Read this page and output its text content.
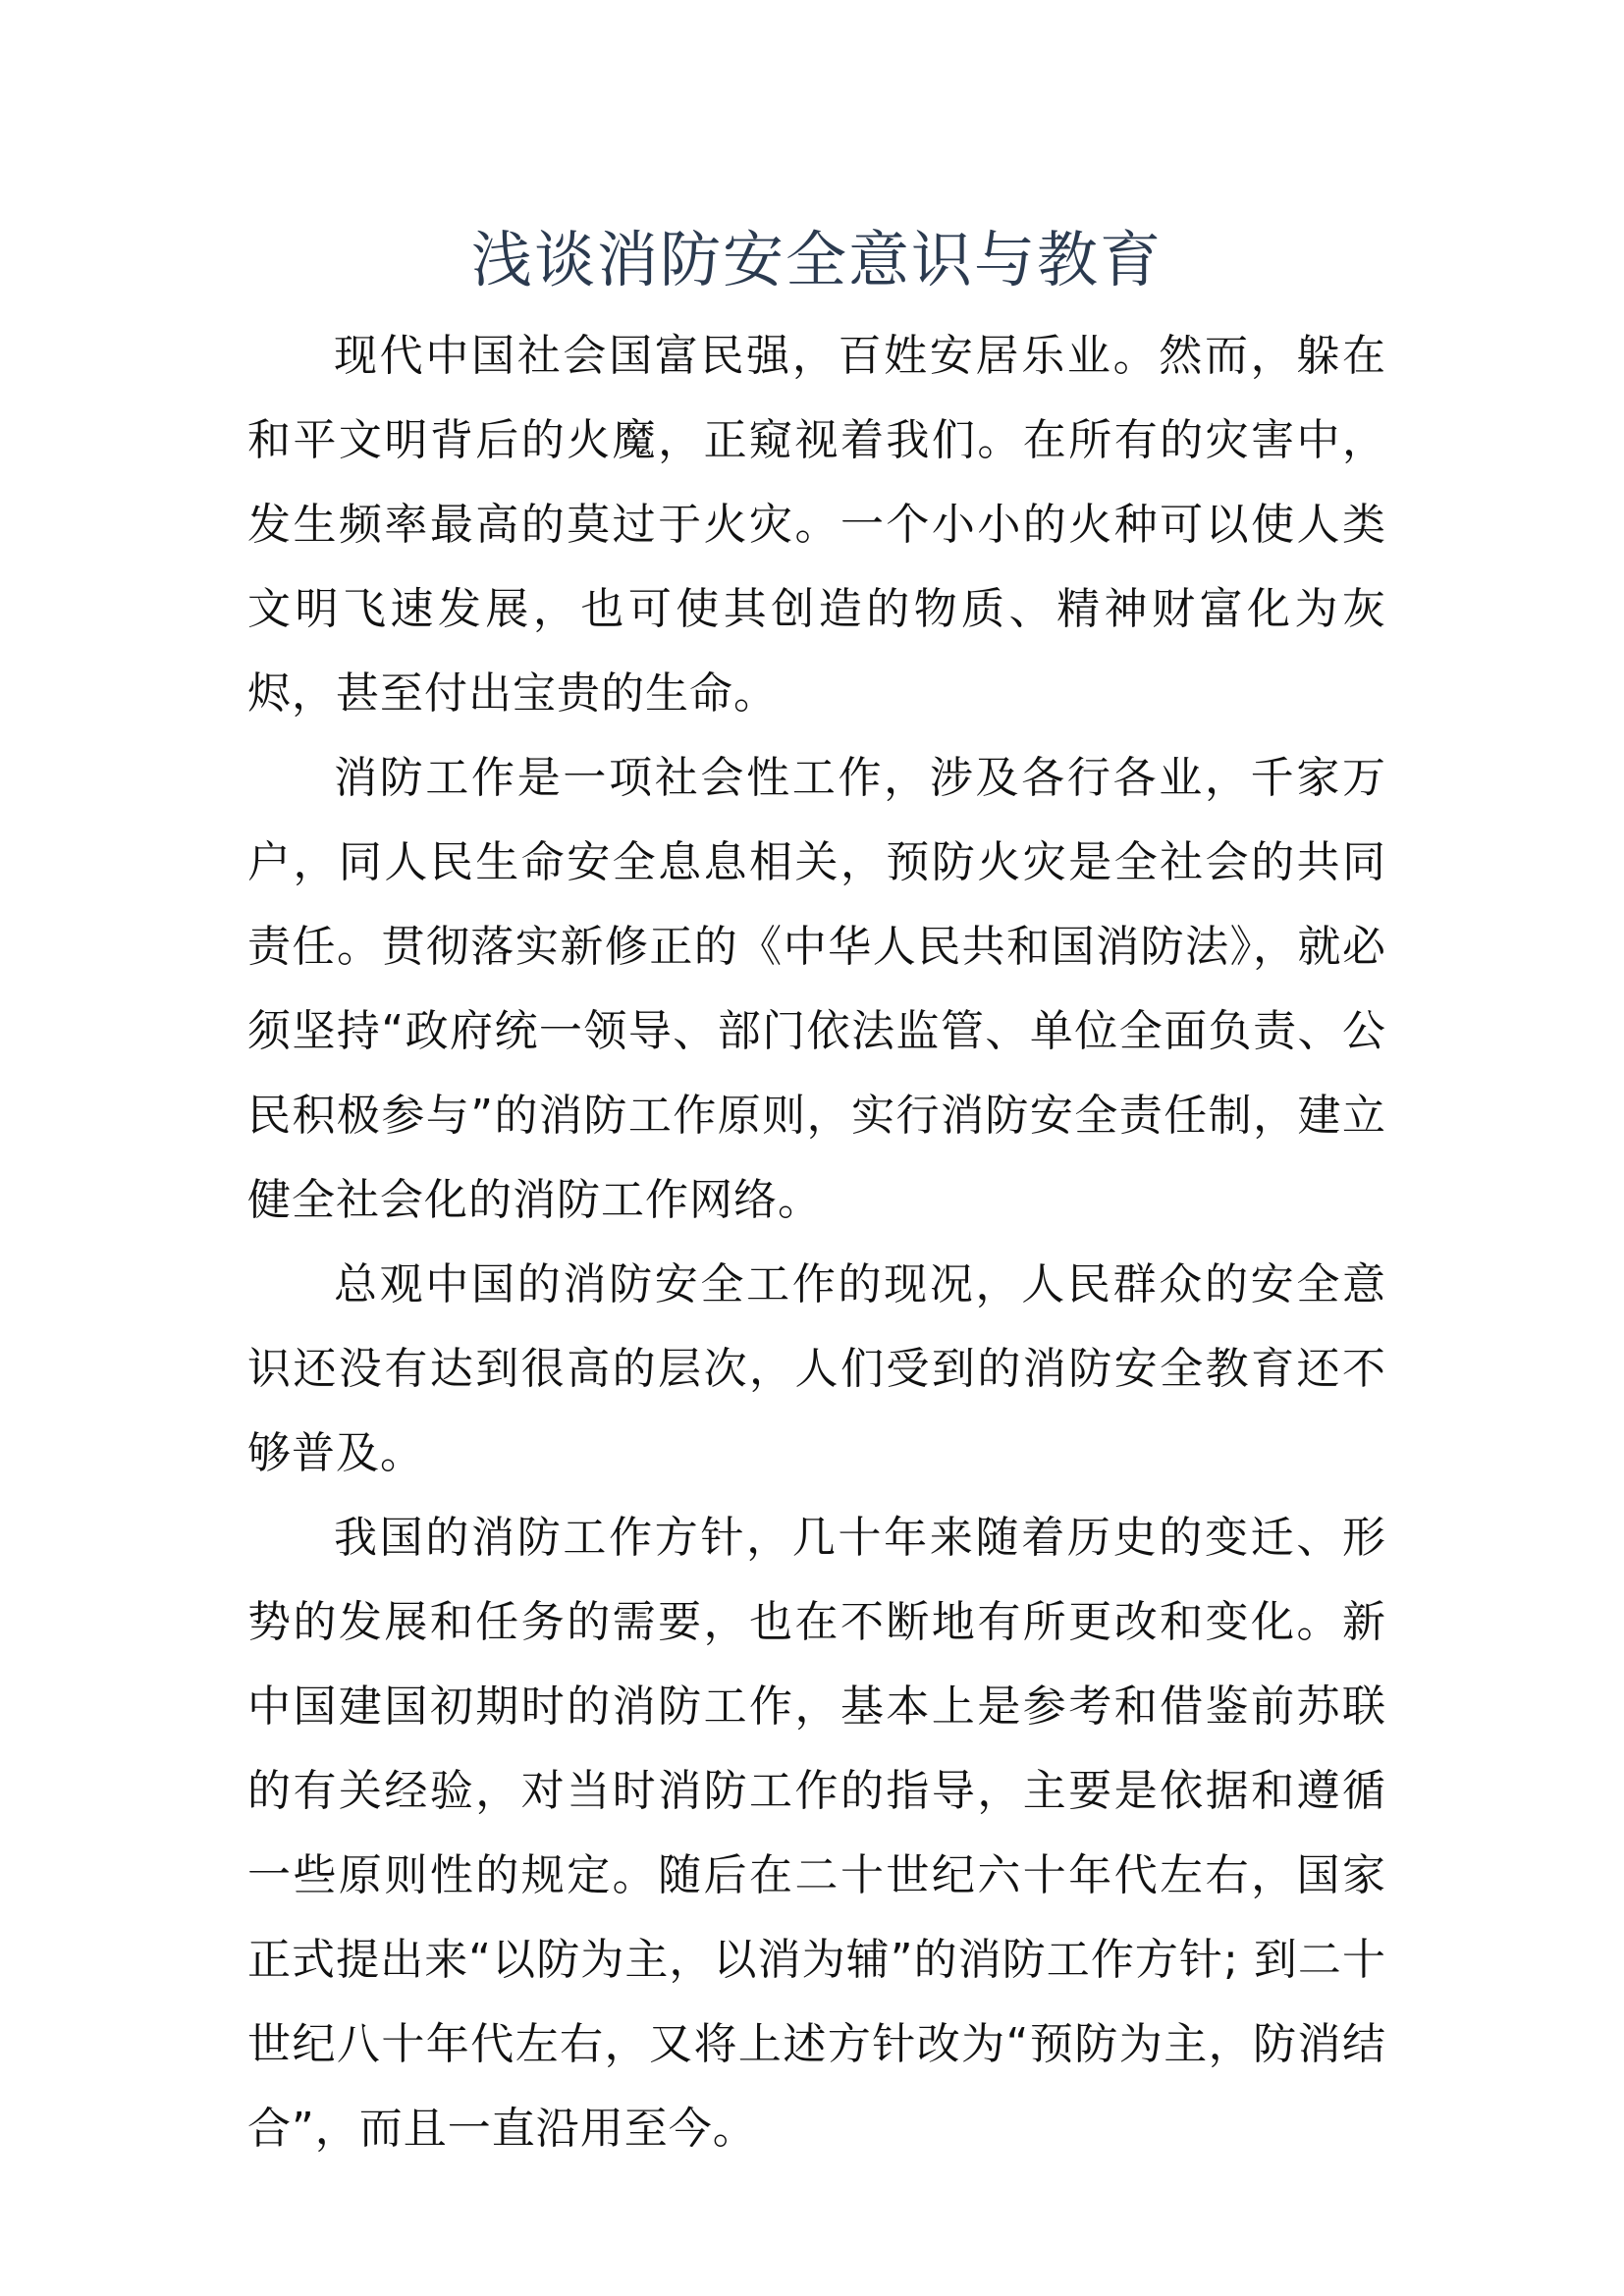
浅谈消防安全意识与教育

现代中国社会国富民强，百姓安居乐业。然而，躲在和平文明背后的火魔，正窥视着我们。在所有的灾害中，发生频率最高的莫过于火灾。一个小小的火种可以使人类文明飞速发展，也可使其创造的物质、精神财富化为灰烬，甚至付出宝贵的生命。

消防工作是一项社会性工作，涉及各行各业，千家万户，同人民生命安全息息相关，预防火灾是全社会的共同责任。贯彻落实新修正的《中华人民共和国消防法》，就必须坚持“政府统一领导、部门依法监管、单位全面负责、公民积极参与”的消防工作原则，实行消防安全责任制，建立健全社会化的消防工作网络。

总观中国的消防安全工作的现况，人民群众的安全意识还没有达到很高的层次，人们受到的消防安全教育还不够普及。

我国的消防工作方针，几十年来随着历史的变迁、形势的发展和任务的需要，也在不断地有所更改和变化。新中国建国初期时的消防工作，基本上是参考和借鉴前苏联的有关经验，对当时消防工作的指导，主要是依据和遵循一些原则性的规定。随后在二十世纪六十年代左右，国家正式提出来“以防为主，以消为辅”的消防工作方针; 到二十世纪八十年代左右，又将上述方针改为“预防为主，防消结合”，而且一直沿用至今。
